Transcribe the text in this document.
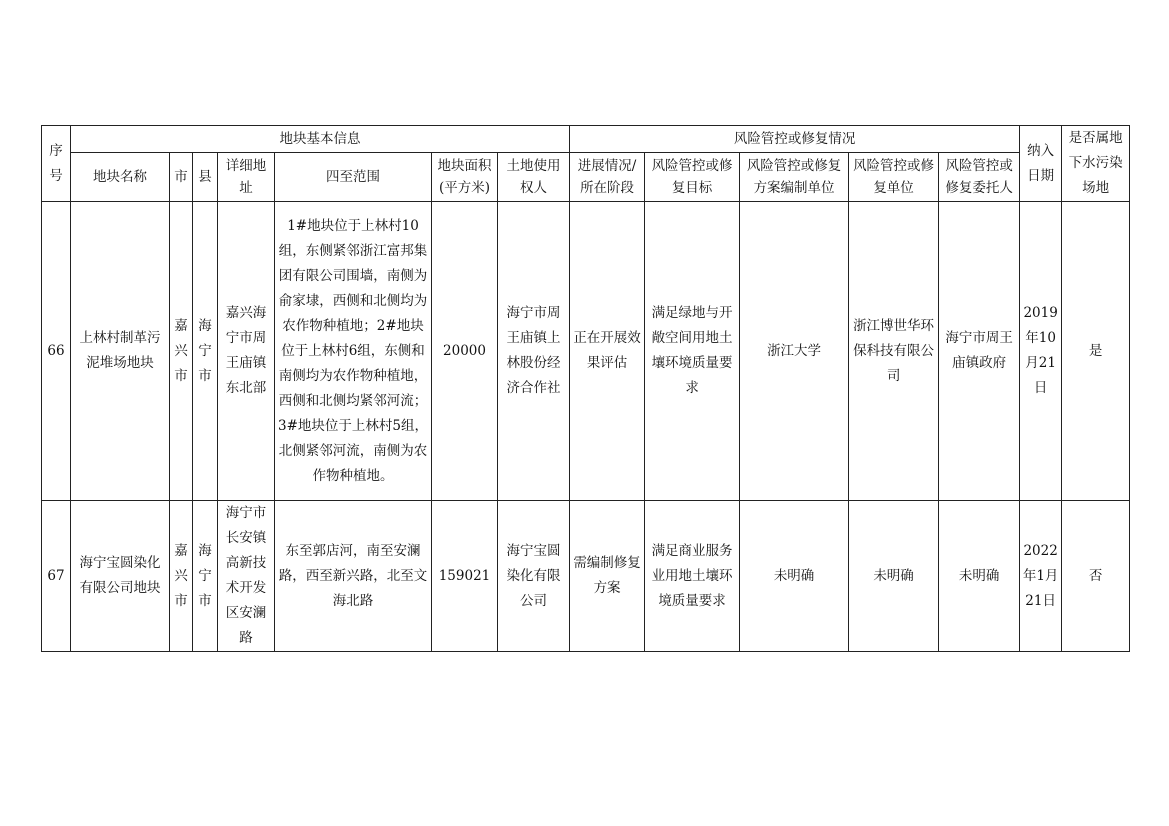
序号	地块基本信息							风险管控或修复情况					纳入日期	是否属地下水污染场地
	地块名称	市	县	详细地址	四至范围	地块面积(平方米)	土地使用权人	进展情况/所在阶段	风险管控或修复目标	风险管控或修复方案编制单位	风险管控或修复单位	风险管控或修复委托人		
66	上林村制革污泥堆场地块	嘉兴市	海宁市	嘉兴海宁市周王庙镇东北部	1#地块位于上林村10组，东侧紧邻浙江富邦集团有限公司围墙，南侧为俞家埭，西侧和北侧均为农作物种植地；2#地块位于上林村6组，东侧和南侧均为农作物种植地，西侧和北侧均紧邻河流；3#地块位于上林村5组，北侧紧邻河流，南侧为农作物种植地。	20000	海宁市周王庙镇上林股份经济合作社	正在开展效果评估	满足绿地与开敞空间用地土壤环境质量要求	浙江大学	浙江博世华环保科技有限公司	海宁市周王庙镇政府	2019年10月21日	是
67	海宁宝圆染化有限公司地块	嘉兴市	海宁市	海宁市长安镇高新技术开发区安澜路	东至郭店河，南至安澜路，西至新兴路，北至文海北路	159021	海宁宝圆染化有限公司	需编制修复方案	满足商业服务业用地土壤环境质量要求	未明确	未明确	未明确	2022年1月21日	否
